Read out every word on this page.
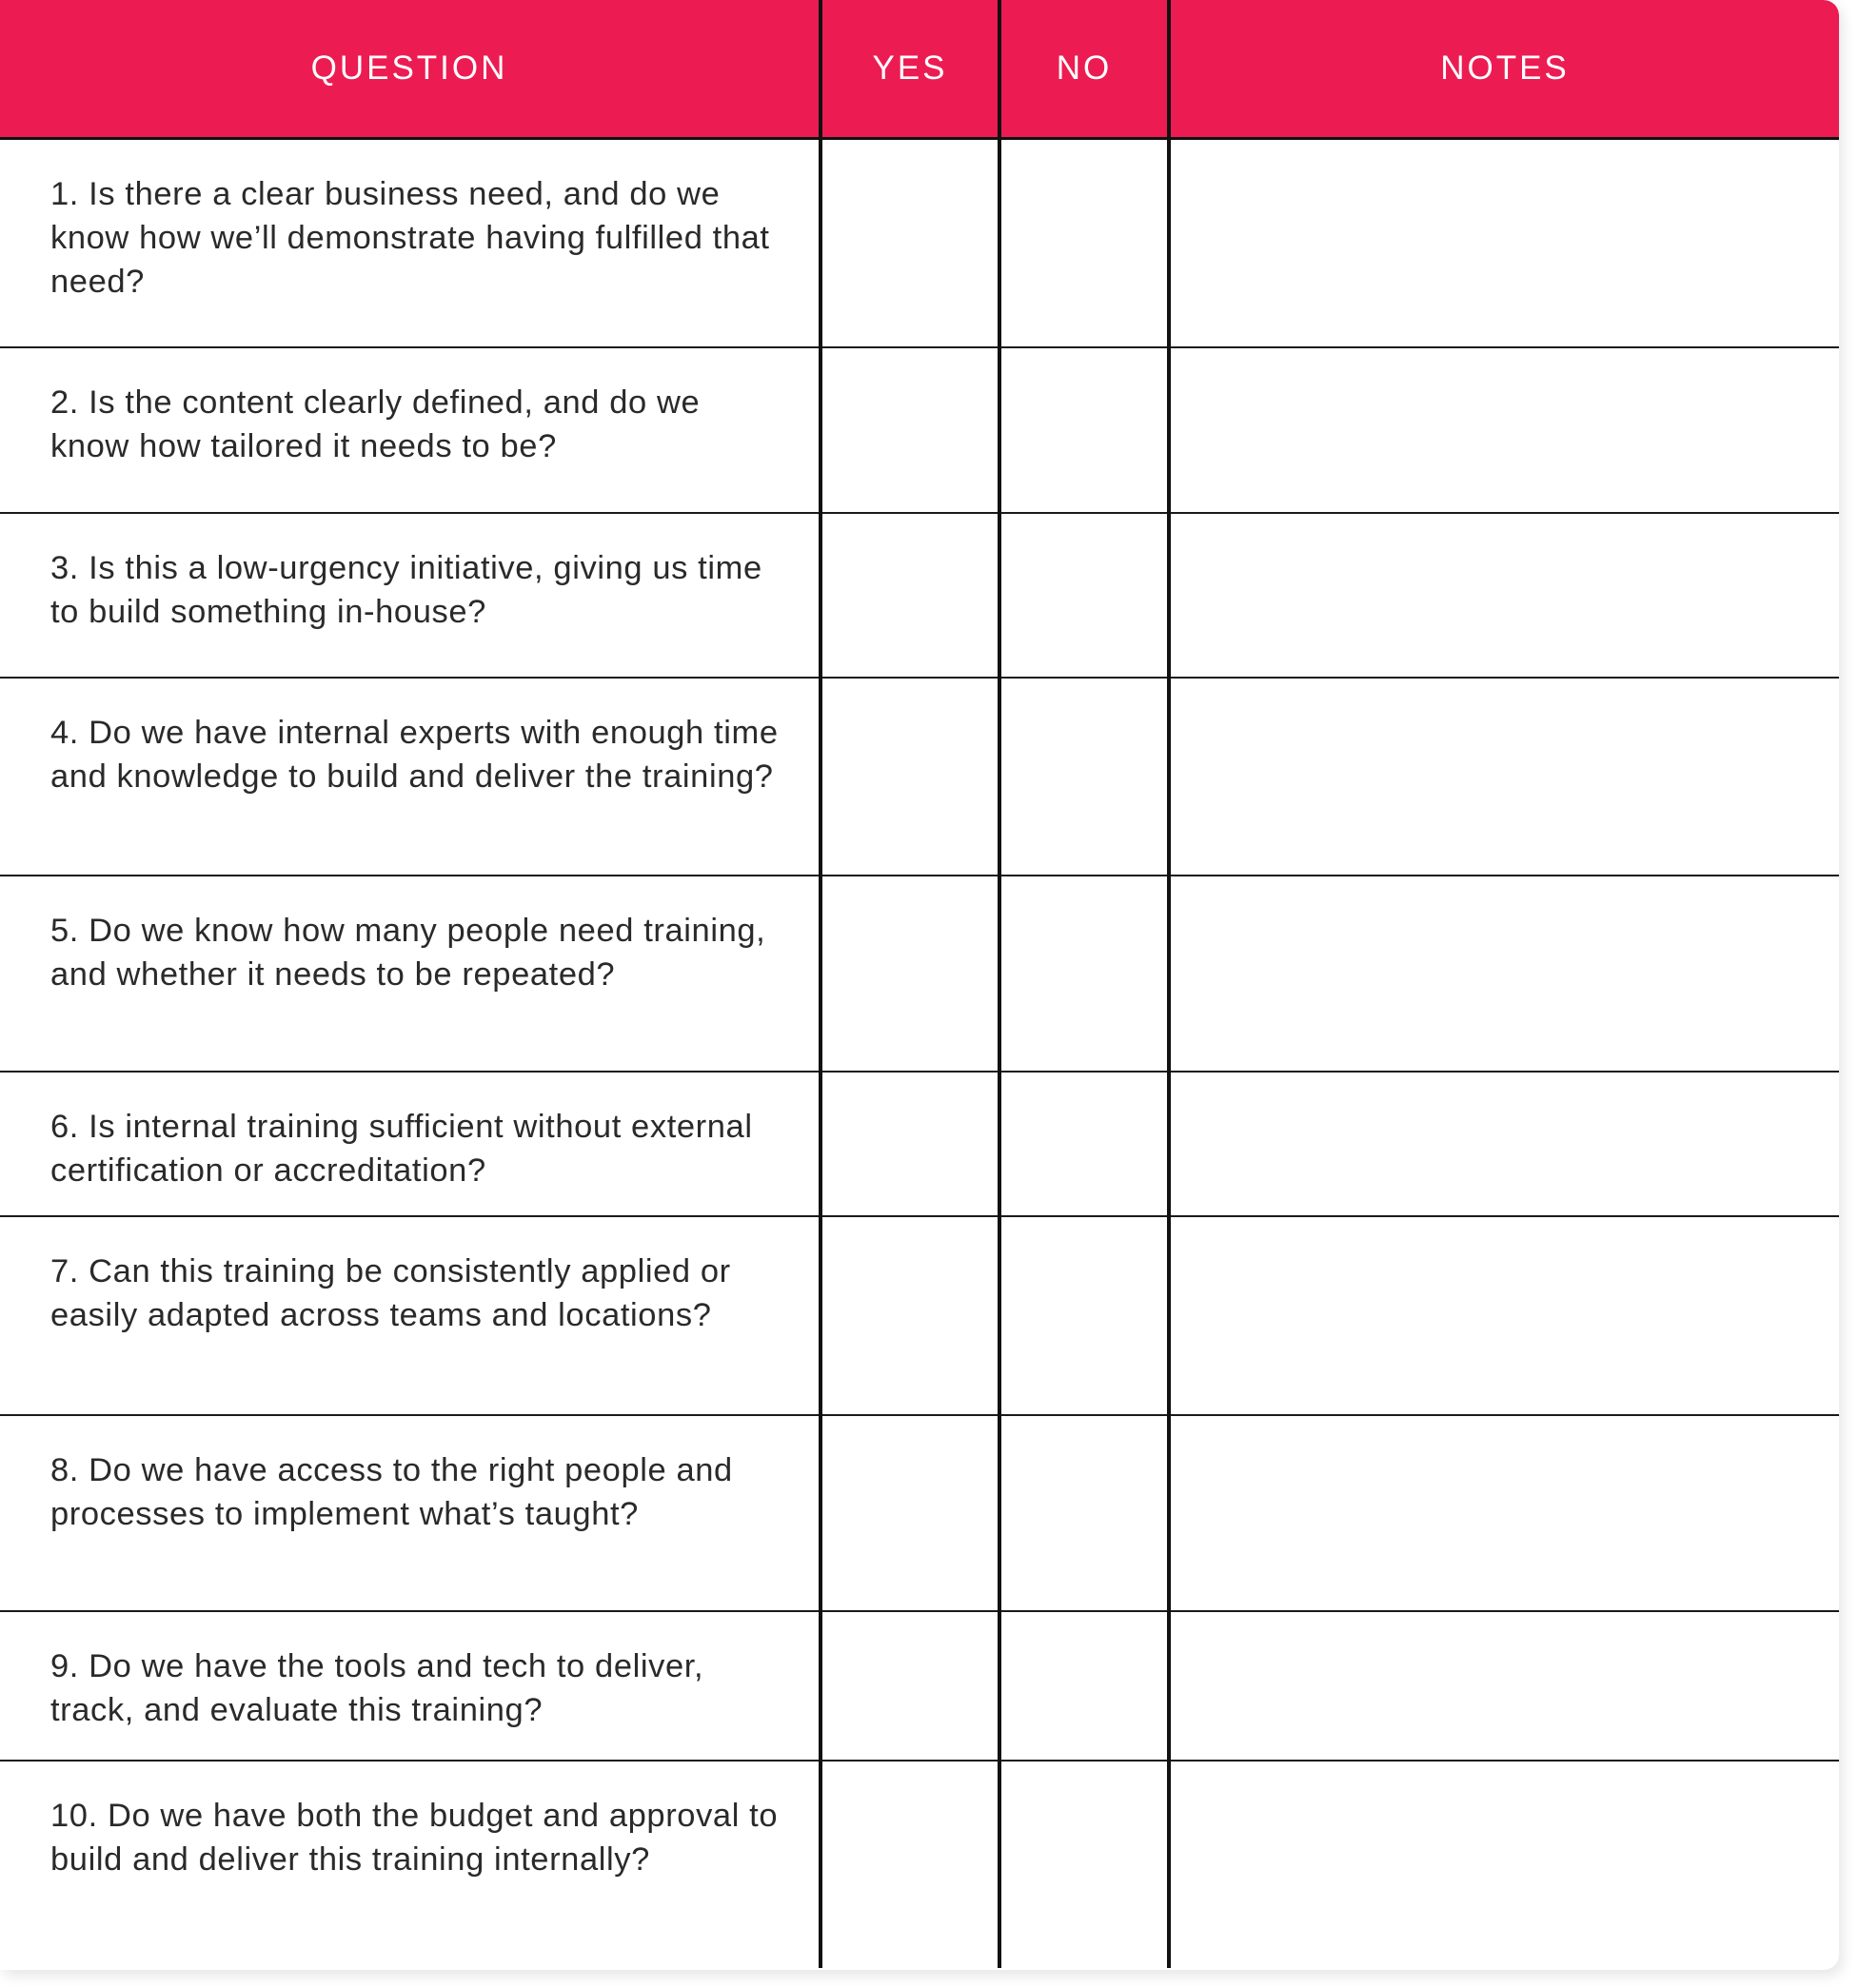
QUESTION	YES	NO	NOTES
1. Is there a clear business need, and do we know how we’ll demonstrate having fulfilled that need?			
2. Is the content clearly defined, and do we know how tailored it needs to be?			
3. Is this a low-urgency initiative, giving us time to build something in-house?			
4. Do we have internal experts with enough time and knowledge to build and deliver the training?			
5. Do we know how many people need training, and whether it needs to be repeated?			
6. Is internal training sufficient without external certification or accreditation?			
7. Can this training be consistently applied or easily adapted across teams and locations?			
8. Do we have access to the right people and processes to implement what’s taught?			
9. Do we have the tools and tech to deliver, track, and evaluate this training?			
10. Do we have both the budget and approval to build and deliver this training internally?			
